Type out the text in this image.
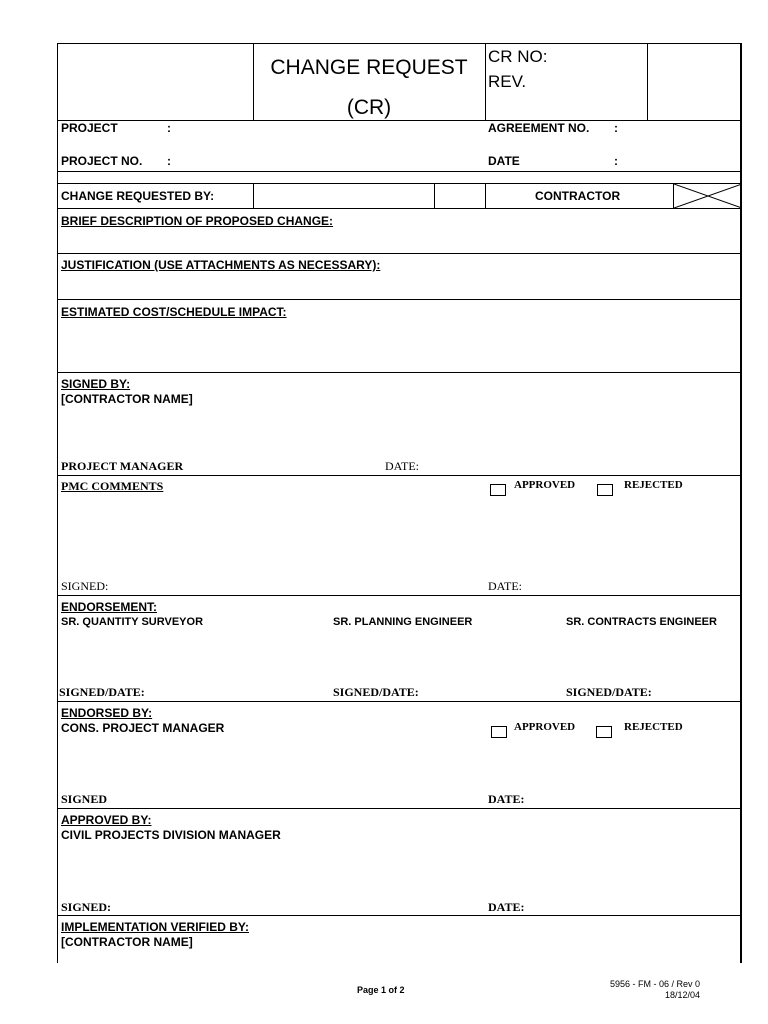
CHANGE REQUEST
(CR)
CR NO:
REV.
PROJECT	:	AGREEMENT NO. :
PROJECT NO. :	DATE	:
CHANGE REQUESTED BY:	CONTRACTOR
BRIEF DESCRIPTION OF PROPOSED CHANGE:
JUSTIFICATION (USE ATTACHMENTS AS NECESSARY):
ESTIMATED COST/SCHEDULE IMPACT:
SIGNED BY:
[CONTRACTOR NAME]
PROJECT MANAGER	DATE:
PMC COMMENTS	APPROVED	REJECTED
SIGNED:	DATE:
ENDORSEMENT:
SR. QUANTITY SURVEYOR	SR. PLANNING ENGINEER	SR. CONTRACTS ENGINEER
SIGNED/DATE:	SIGNED/DATE:	SIGNED/DATE:
ENDORSED BY:
CONS. PROJECT MANAGER	APPROVED	REJECTED
SIGNED	DATE:
APPROVED BY:
CIVIL PROJECTS DIVISION MANAGER
SIGNED:	DATE:
IMPLEMENTATION VERIFIED BY:
[CONTRACTOR NAME]
Page 1 of 2
5956 - FM - 06 / Rev 0
18/12/04
